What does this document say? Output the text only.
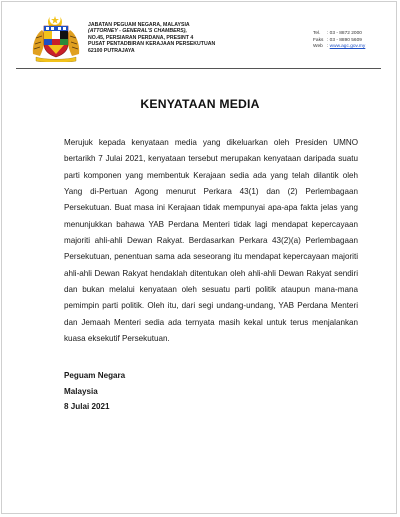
JABATAN PEGUAM NEGARA, MALAYSIA
(ATTORNEY - GENERAL'S CHAMBERS),
NO.45, PERSIARAN PERDANA, PRESINT 4
PUSAT PENTADBIRAN KERAJAAN PERSEKUTUAN
62100 PUTRAJAYA
Tel. : 03 - 8872 2000
Faks : 03 - 8890 5609
Web : www.agc.gov.my
KENYATAAN MEDIA

Merujuk kepada kenyataan media yang dikeluarkan oleh Presiden UMNO bertarikh 7 Julai 2021, kenyataan tersebut merupakan kenyataan daripada suatu parti komponen yang membentuk Kerajaan sedia ada yang telah dilantik oleh Yang di-Pertuan Agong menurut Perkara 43(1) dan (2) Perlembagaan Persekutuan. Buat masa ini Kerajaan tidak mempunyai apa-apa fakta jelas yang menunjukkan bahawa YAB Perdana Menteri tidak lagi mendapat kepercayaan majoriti ahli-ahli Dewan Rakyat. Berdasarkan Perkara 43(2)(a) Perlembagaan Persekutuan, penentuan sama ada seseorang itu mendapat kepercayaan majoriti ahli-ahli Dewan Rakyat hendaklah ditentukan oleh ahli-ahli Dewan Rakyat sendiri dan bukan melalui kenyataan oleh sesuatu parti politik ataupun mana-mana pemimpin parti politik. Oleh itu, dari segi undang-undang, YAB Perdana Menteri dan Jemaah Menteri sedia ada ternyata masih kekal untuk terus menjalankan kuasa eksekutif Persekutuan.

Peguam Negara
Malaysia
8 Julai 2021
